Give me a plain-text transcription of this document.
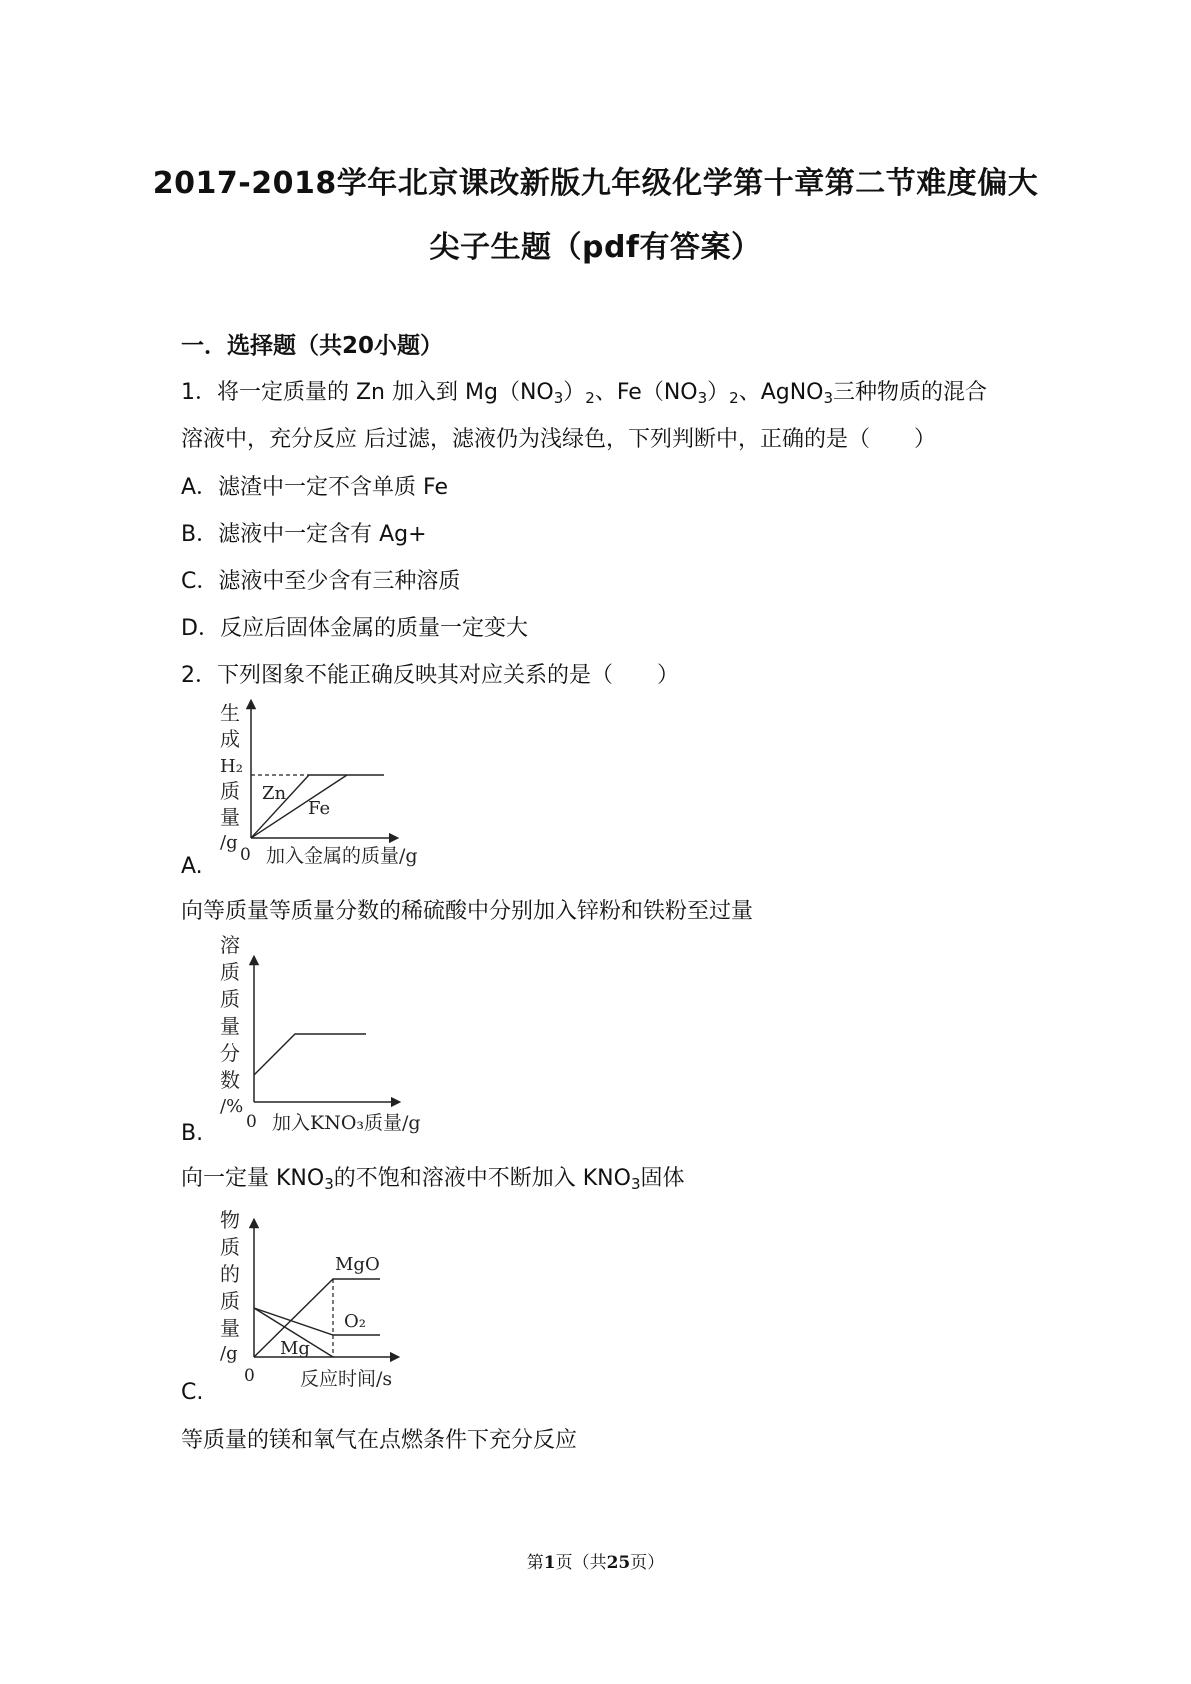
2017-2018学年北京课改新版九年级化学第十章第二节难度偏大
尖子生题（pdf有答案）
一．选择题（共20小题）
1．将一定质量的 Zn 加入到 $Mg(NO_3)_2$、$Fe(NO_3)_2$、AgNO$_3$三种物质的混合
溶液中，充分反应 后过滤，滤液仍为浅绿色，下列判断中，正确的是（　　）
A．滤渣中一定不含单质 Fe
B．滤液中一定含有 Ag+
C．滤液中至少含有三种溶质
D．反应后固体金属的质量一定变大
2．下列图象不能正确反映其对应关系的是（　　）
A.
生
成
H₂
质
量
/g
Zn
Fe
0 加入金属的质量/g
向等质量等质量分数的稀硫酸中分别加入锌粉和铁粉至过量
B.
溶
质
质
量
分
数
/%
0 加入KNO₃质量/g
向一定量 $KNO_3$的不饱和溶液中不断加入 $KNO_3$固体
C.
物
质
的
质
量
/g
MgO
O₂
Mg
0 反应时间/s
等质量的镁和氧气在点燃条件下充分反应
第1页（共25页）
